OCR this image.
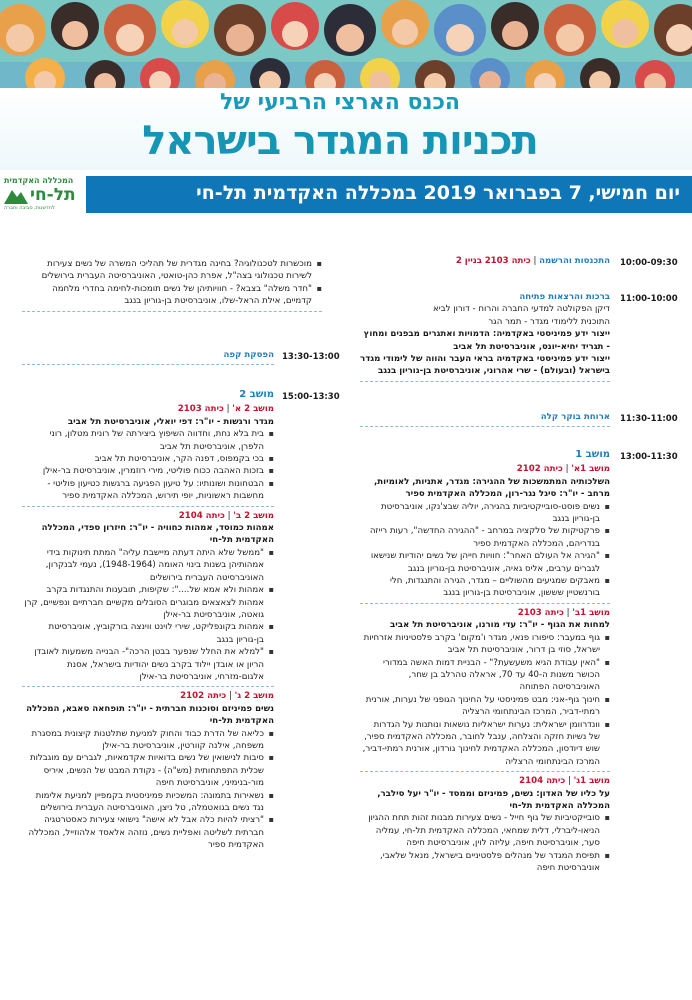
הכנס הארצי הרביעי של
תכניות המגדר בישראל
יום חמישי, 7 בפברואר 2019 במכללה האקדמית תל-חי
המכללה האקדמית
תל-חי
לחדשנות, סביבה וחברה
10:00-09:30

התכנסות והרשמה | כיתה 2103 בניין 2

11:00-10:00

ברכות והרצאות פתיחה

דיקן הפקולטה למדעי החברה והרוח - דורון לביא

התוכנית ללימודי מגדר - תמר הגר

ייצור ידע פמיניסטי באקדמיה: הדמויות ואתגרים מבפנים ומחוץ - תגריד יחיא-יונס, אוניברסיטת תל אביב

ייצור ידע פמיניסטי באקדמיה בראי העבר והווה של לימודי מגדר בישראל (ובעולם) - שרי אהרוני, אוניברסיטת בן-גוריון בנגב

11:30-11:00

ארוחת בוקר קלה

13:00-11:30

מושב 1

מושב 1א' | כיתה 2102

השלכותיה המתמשכות של ההגירה: מגדר, אתניות, לאומיות, מרחב - יו"ר: סיגל נגר-רון, המכללה האקדמית ספיר

▪ נשים פוסט-סובייקטיביות בהגירה, יוליה שבצ'נקו, אוניברסיטת בן-גוריון בנגב
▪ פרקטיקות של סלקציה במרחב - "ההגירה החדשה", רעות רייזה בנדריהם, המכללה האקדמית ספיר
▪ "הגירה אל העולם האחר": חוויות חייהן של נשים יהודיות שנישאו לגברים ערבים, אליס גאיה, אוניברסיטת בן-גוריון בנגב
▪ מאבקים שמגיעים מהשוליים – מגדר, הגירה והתנגדות, חלי בורנשטיין שששון, אוניברסיטת בן-גוריון בנגב

מושב 1ב' | כיתה 2103

למחות את הגוף - יו"ר: עדי מורנו, אוניברסיטת תל אביב

▪ גוף במעבר: סיפורו פנאי, מגדר ו'מקום' בקרב פלסטיניות אזרחיות ישראל, סוזי בן דרור, אוניברסיטת תל אביב
▪ "האין עבודת הגיא משעשעת?" - הבניית דמות האשה במדורי הכושר משנות ה-40 עד 70, אראלה טהרלב בן שחר, האוניברסיטה הפתוחה
▪ חינוך גוף-אני: מבט פמיניסטי על החינוך הגופני של נערות, אורנית רמתי-דביר, המרכז הבינתחומי הרצליה
▪ וונדרוומן ישראלית: נערות ישראליות נושאות ונותנות על הגדרות של נשיות חזקה והצלחה, ענבל לחובר, המכללה האקדמית ספיר, שוש דיודסון, המכללה האקדמית לחינוך גורדון, אורנית רמתי-דביר, המרכז הבינתחומי הרצליה

מושב 1ג' | כיתה 2104

על כליו של האדון: נשים, פמיניזם וממסד - יו"ר יעל סילבר, המכללה האקדמית תל-חי

▪ סובייקטיביות של גוף חייל - נשים צעירות מבנות זהות תחת ההגיון הניאו-ליברלי, דלית שמחאי, המכללה האקדמית תל-חי, עמליה סער, אוניברסיטת חיפה, עליזה לוין, אוניברסיטת חיפה
▪ תפיסת המגדר של מנהלים פלסטיניים בישראל, מנאל שלאבי, אוניברסיטת חיפה
▪ מוכשרות לטכנולוגיה? בחינה מגדרית של תהליכי המשרה של נשים צעירות לשירות טכנולוגי בצה"ל, אפרת כהן-טואטי, האוניברסיטה העברית בירושלים
▪ "חדר משלה" בצבא? - חוויותיהן של נשים תומכות-לחימה בחדרי מלחמה קדמיים, אילת הראל-שלו, אוניברסיטת בן-גוריון בנגב
13:30-13:00

הפסקת קפה

15:00-13:30

מושב 2

מושב 2 א' | כיתה 2103

מגדר ורגשות - יו"ר: דפי יואלי, אוניברסיטת תל אביב

▪ בית בלא נחת, וחדווה השיפוץ ביצירתה של רונית מטלון, רוני הלפרן, אוניברסיטת תל אביב
▪ בכי בקמפוס, דפנה הקר, אוניברסיטת תל אביב
▪ בזכות האהבה ככוח פוליטי, מירי רוזמרין, אוניברסיטת בר-אילן
▪ הבטחונות ושונותיו: על טיעון הפגיעה ברגשות כטיעון פוליטי - מחשבות ראשוניות, יופי תירוש, המכללה האקדמית ספיר

מושב 2 ב' | כיתה 2104

אמהות כמוסד, אמהות כחוויה - יו"ר: חיזרון ספדי, המכללה האקדמית תל-חי

▪ "ממשל שלא היתה דעתה מיישבת עליה" המתת תינוקות בידי אמהותיהן בשנות בינוי האומה (1948-1964), נעמי לבנקרון, האוניברסיטה העברית בירושלים
▪ אמהות ולא אמא של....": שקיפות, תובענות והתנגדות בקרב אמהות לצאצאים מבוגרים הסובלים מקשיים חברתיים ונפשיים, קרן גואטה, אוניברסיטת בר-אילן
▪ אמהות בקונפליקט, שירי לוינט ווינצה בורקוביץ, אוניברסיטת בן-גוריון בנגב
▪ "למלא את החלל שנפער בבטן הרכה"- הבנייה משמעות לאובדן הריון או אובדן יילוד בקרב נשים יהודיות בישראל, אסנת אלגום-מזרחי, אוניברסיטת בר-אילן

מושב 2 ג' | כיתה 2102

נשים פמיניזם וסוכנות חברתית - יו"ר: תופחאה סאבא, המכללה האקדמית תל-חי

▪ כליאה של הדרת כבוד והחוק למניעת שתלטנות קיצונית במסגרת משפחה, אילנה קוורטין, אוניברסיטת בר-אילן
▪ סיבות לנישואין של נשים בדואיות אקדמאיות, לגברים עם מוגבלות שכלית התפתחותית (מש"ה) - נקודת המבט של הנשים, איריס מור-בנימיני, אוניברסיטת חיפה
▪ נשאירות בתמונה: המשכיות פמיניסטית בקמפיין למניעת אלימות נגד נשים בגואטמלה, טל ניצן, האוניברסיטה העברית בירושלים
▪ "רציתי להיות כלה אבל לא אישה" נישואי צעירות כאסטרטגיה חברתית לשליטה ואפליית נשים, נוזהה אלאסד אלהוזייל, המכללה האקדמית ספיר
